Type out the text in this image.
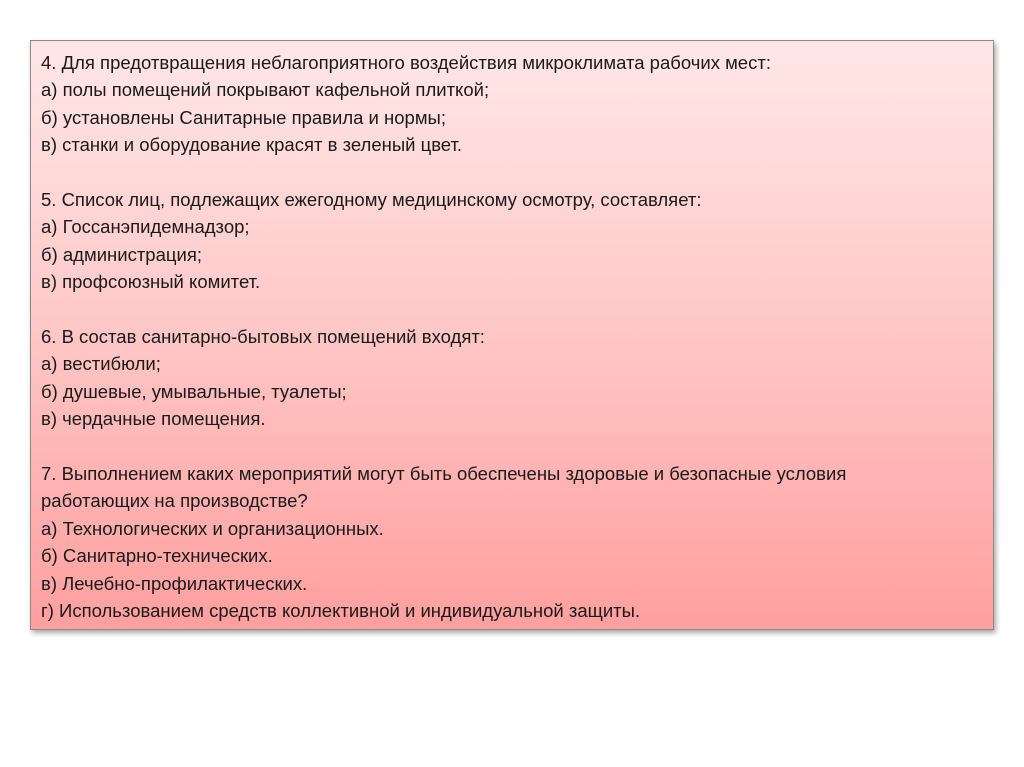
4. Для предотвращения неблагоприятного воздействия микроклимата рабочих мест:
а) полы помещений покрывают кафельной плиткой;
б) установлены Санитарные правила и нормы;
в) станки и оборудование красят в зеленый цвет.
5. Список лиц, подлежащих ежегодному медицинскому осмотру, составляет:
а) Госсанэпидемнадзор;
б) администрация;
в) профсоюзный комитет.
6. В состав санитарно-бытовых помещений входят:
а) вестибюли;
б) душевые, умывальные, туалеты;
в) чердачные помещения.
7. Выполнением каких мероприятий могут быть обеспечены здоровые и безопасные условия
работающих на производстве?
а) Технологических и организационных.
б) Санитарно-технических.
в) Лечебно-профилактических.
г) Использованием средств коллективной и индивидуальной защиты.
